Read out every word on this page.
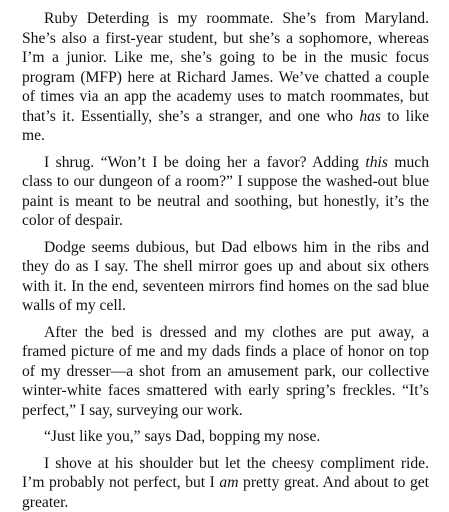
Ruby Deterding is my roommate. She’s from Maryland. She’s also a first-year student, but she’s a sophomore, whereas I’m a junior. Like me, she’s going to be in the music focus program (MFP) here at Richard James. We’ve chatted a couple of times via an app the academy uses to match roommates, but that’s it. Essentially, she’s a stranger, and one who has to like me.

I shrug. “Won’t I be doing her a favor? Adding this much class to our dungeon of a room?” I suppose the washed-out blue paint is meant to be neutral and soothing, but honestly, it’s the color of despair.

Dodge seems dubious, but Dad elbows him in the ribs and they do as I say. The shell mirror goes up and about six others with it. In the end, seventeen mirrors find homes on the sad blue walls of my cell.

After the bed is dressed and my clothes are put away, a framed picture of me and my dads finds a place of honor on top of my dresser—a shot from an amusement park, our collective winter-white faces smattered with early spring’s freckles. “It’s perfect,” I say, surveying our work.

“Just like you,” says Dad, bopping my nose.

I shove at his shoulder but let the cheesy compliment ride. I’m probably not perfect, but I am pretty great. And about to get greater.
